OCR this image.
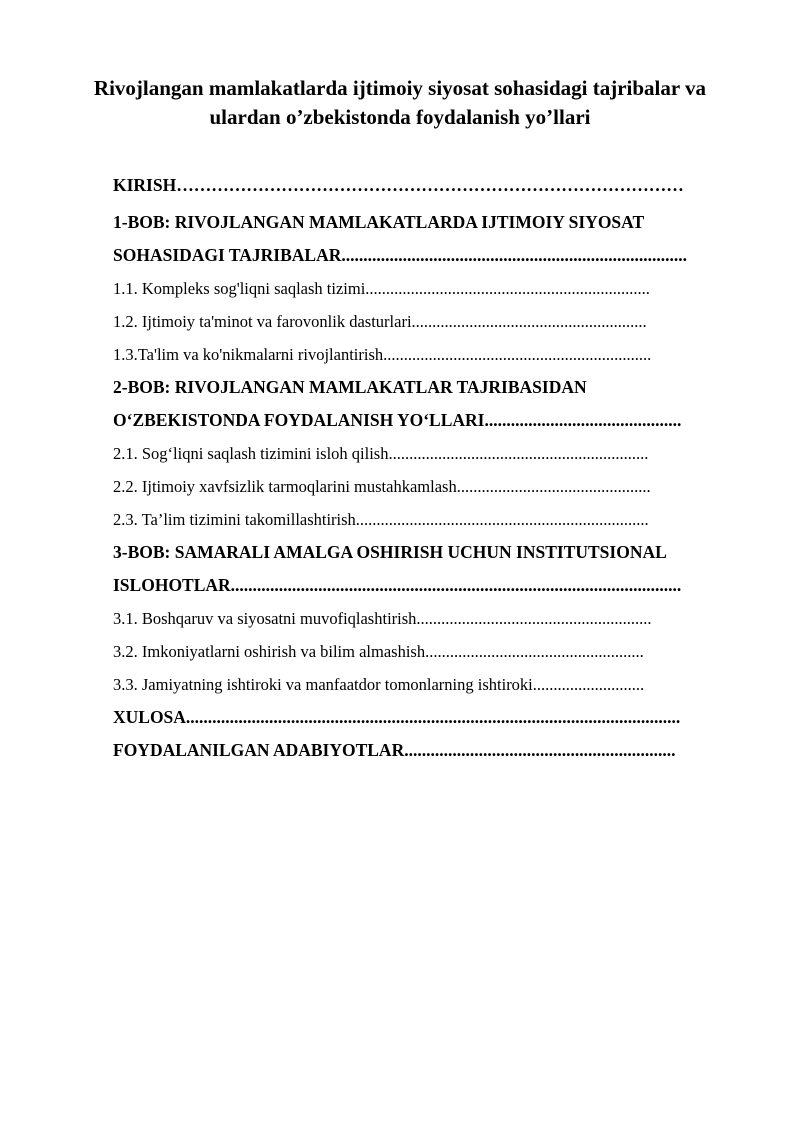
Rivojlangan mamlakatlarda ijtimoiy siyosat sohasidagi tajribalar va
ulardan o’zbekistonda foydalanish yo’llari
KIRISH……………………………………………………………………………
1-BOB: RIVOJLANGAN MAMLAKATLARDA IJTIMOIY SIYOSAT
SOHASIDAGI TAJRIBALAR...............................................................................
1.1. Kompleks sog'liqni saqlash tizimi.....................................................................
1.2. Ijtimoiy ta'minot va farovonlik dasturlari.........................................................
1.3.Ta'lim va ko'nikmalarni rivojlantirish.................................................................
2-BOB: RIVOJLANGAN MAMLAKATLAR TAJRIBASIDAN
O‘ZBEKISTONDA FOYDALANISH YO‘LLARI.............................................
2.1. Sog‘liqni saqlash tizimini isloh qilish...............................................................
2.2. Ijtimoiy xavfsizlik tarmoqlarini mustahkamlash...............................................
2.3. Ta’lim tizimini takomillashtirish.......................................................................
3-BOB: SAMARALI AMALGA OSHIRISH UCHUN INSTITUTSIONAL
ISLOHOTLAR.......................................................................................................
3.1. Boshqaruv va siyosatni muvofiqlashtirish.........................................................
3.2. Imkoniyatlarni oshirish va bilim almashish.....................................................
3.3. Jamiyatning ishtiroki va manfaatdor tomonlarning ishtiroki...........................
XULOSA.................................................................................................................
FOYDALANILGAN ADABIYOTLAR..............................................................
